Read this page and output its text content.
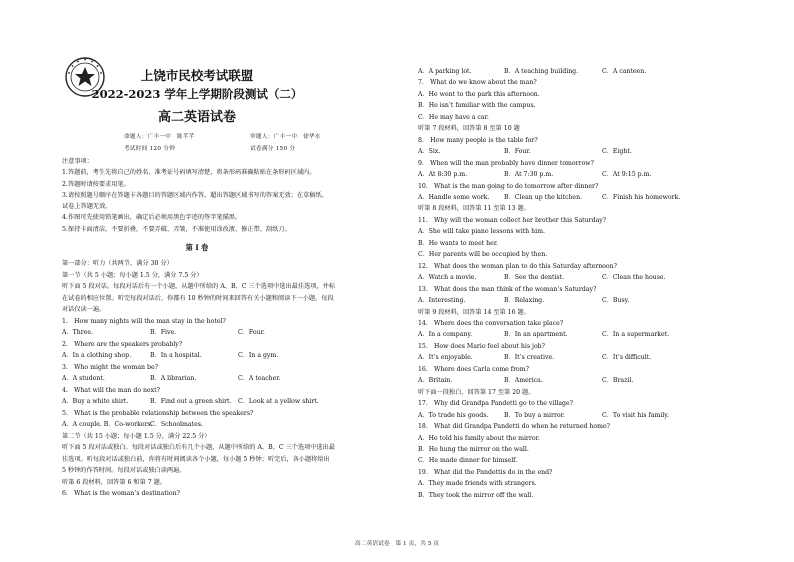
上饶市民校考试联盟
2022-2023 学年上学期阶段测试（二）
高二英语试卷
命题人：广丰一中　陈芊芊	审题人：广丰一中　徐华水
考试时间 120 分钟	试卷满分 150 分
注意事项：
1.答题前，考生先将自己的姓名、准考证号码填写清楚，将条形码准确粘贴在条形码区域内。
2.答题时请按要求用笔。
3.请按照题号顺序在答题卡各题目的答题区域内作答，超出答题区域书写的答案无效；在草稿纸、
试卷上答题无效。
4.作图可先使用铅笔画出，确定后必须用黑色字迹的签字笔描黑。
5.保持卡面清洁，不要折叠，不要弄破、弄皱，不准使用涂改液、修正带、刮纸刀。
第 I 卷
第一部分：听力（共两节，满分 30 分）
第一节（共 5 小题；每小题 1.5 分，满分 7.5 分）
听下面 5 段对话。每段对话后有一个小题，从题中所给的 A、B、C 三个选项中选出最佳选项，并标
在试卷的相应位置。听完每段对话后，你都有 10 秒钟的时间来回答有关小题和阅读下一小题。每段
对话仅读一遍。
1.　How many nights will the man stay in the hotel?
A．Three.	B．Five.	C．Four.
2.　Where are the speakers probably?
A．In a clothing shop.	B．In a hospital.	C．In a gym.
3.　Who might the woman be?
A．A student.	B．A librarian.	C．A teacher.
4.　What will the man do next?
A．Buy a white shirt.	B．Find out a green shirt.	C．Look at a yellow shirt.
5.　What is the probable relationship between the speakers?
A．A couple. B．Co-workers.
C．Schoolmates.
第二节（共 15 小题；每小题 1.5 分，满分 22.5 分）
听下面 5 段对话或独白。每段对话或独白后有几个小题，从题中所给的 A、B、C 三个选项中选出最
佳选项。听每段对话或独白前，你将有时间阅读各个小题，每小题 5 秒钟；听完后，各小题将给出
5 秒钟的作答时间。每段对话或独白读两遍。
听第 6 段材料，回答第 6 和第 7 题。
6.　What is the woman’s destination?
A．A parking lot.	B．A teaching building.	C．A canteen.
7.　What do we know about the man?
A．He went to the park this afternoon.
B．He isn’t familiar with the campus.
C．He may have a car.
听第 7 段材料，回答第 8 至第 10 题
8.　How many people is the table for?
A．Six.	B．Four.	C．Eight.
9.　When will the man probably have dinner tomorrow?
A．At 8:30 p.m.	B．At 7:30 p.m.	C．At 9:15 p.m.
10.　What is the man going to do tomorrow after dinner?
A．Handle some work.	B．Clean up the kitchen.	C．Finish his homework.
听第 8 段材料，回答第 11 至第 13 题。
11.　Why will the woman collect her brother this Saturday?
A．She will take piano lessons with him.
B．He wants to meet her.
C．Her parents will be occupied by then.
12.　What does the woman plan to do this Saturday afternoon?
A．Watch a movie.	B．See the dentist.	C．Clean the house.
13.　What does the man think of the woman’s Saturday?
A．Interesting.	B．Relaxing.	C．Busy.
听第 9 段材料，回答第 14 至第 16 题。
14.　Where does the conversation take place?
A．In a company.	B．In an apartment.	C．In a supermarket.
15.　How does Mario feel about his job?
A．It’s enjoyable.	B．It’s creative.	C．It’s difficult.
16.　Where does Carla come from?
A．Britain.	B．America.	C．Brazil.
听下面一段独白，回答第 17 至第 20 题。
17.　Why did Grandpa Pandetti go to the village?
A．To trade his goods.	B．To buy a mirror.	C．To visit his family.
18.　What did Grandpa Pandetti do when he returned home?
A．He told his family about the mirror.
B．He hung the mirror on the wall.
C．He made dinner for himself.
19.　What did the Pandettis do in the end?
A．They made friends with strangers.
B．They took the mirror off the wall.
高二英语试卷　第 1 页，共 5 页
